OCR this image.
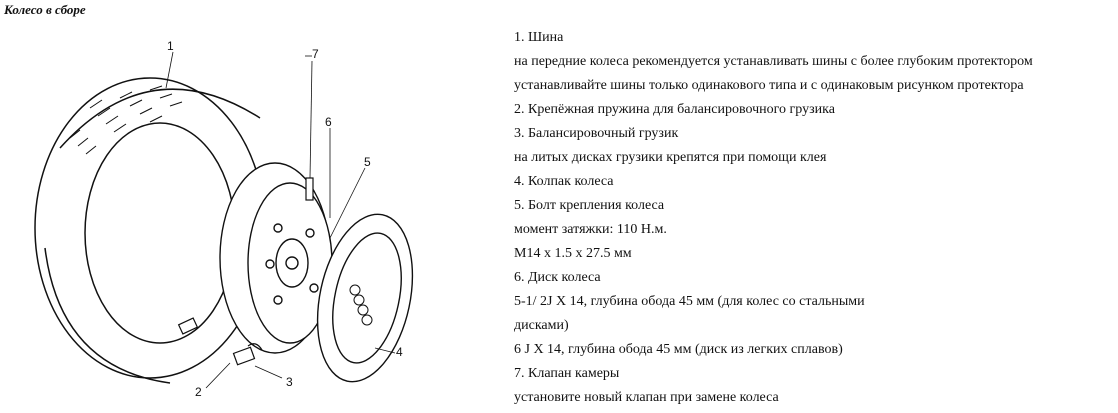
Колесо в сборе
1
7
6
5
4
3
2
1. Шина
на передние колеса рекомендуется устанавливать шины с более глубоким протектором
устанавливайте шины только одинакового типа и с одинаковым рисунком протектора
2. Крепёжная пружина для балансировочного грузика
3. Балансировочный грузик
на литых дисках грузики крепятся при помощи клея
4. Колпак колеса
5. Болт крепления колеса
момент затяжки: 110 Н.м.
М14 х 1.5 х 27.5 мм
6. Диск колеса
5-1/ 2J X 14, глубина обода 45 мм (для колес со стальными
дисками)
6 J X 14, глубина обода 45 мм (диск из легких сплавов)
7. Клапан камеры
установите новый клапан при замене колеса
